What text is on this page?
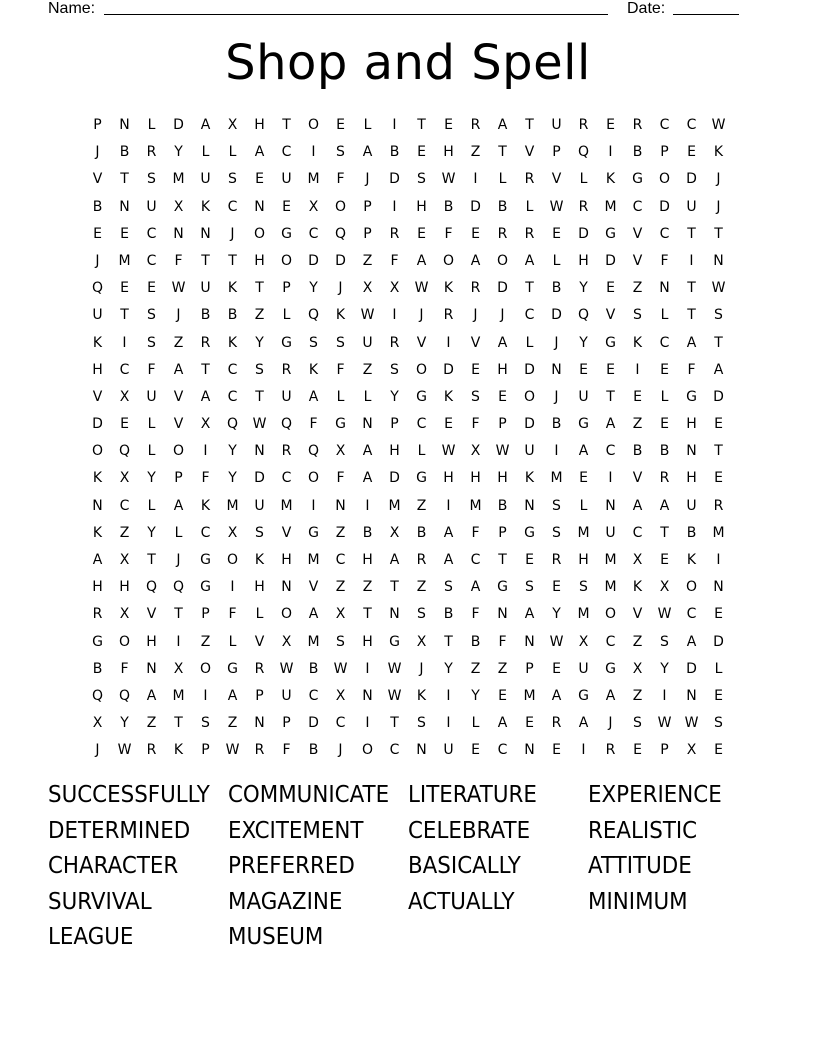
Name:	Date:
Shop and Spell
P	N	L	D	A	X	H	T	O	E	L	I	T	E	R	A	T	U	R	E	R	C	C	W
J	B	R	Y	L	L	A	C	I	S	A	B	E	H	Z	T	V	P	Q	I	B	P	E	K
V	T	S	M	U	S	E	U	M	F	J	D	S	W	I	L	R	V	L	K	G	O	D	J
B	N	U	X	K	C	N	E	X	O	P	I	H	B	D	B	L	W	R	M	C	D	U	J
E	E	C	N	N	J	O	G	C	Q	P	R	E	F	E	R	R	E	D	G	V	C	T	T
J	M	C	F	T	T	H	O	D	D	Z	F	A	O	A	O	A	L	H	D	V	F	I	N
Q	E	E	W	U	K	T	P	Y	J	X	X	W	K	R	D	T	B	Y	E	Z	N	T	W
U	T	S	J	B	B	Z	L	Q	K	W	I	J	R	J	J	C	D	Q	V	S	L	T	S
K	I	S	Z	R	K	Y	G	S	S	U	R	V	I	V	A	L	J	Y	G	K	C	A	T
H	C	F	A	T	C	S	R	K	F	Z	S	O	D	E	H	D	N	E	E	I	E	F	A
V	X	U	V	A	C	T	U	A	L	L	Y	G	K	S	E	O	J	U	T	E	L	G	D
D	E	L	V	X	Q	W	Q	F	G	N	P	C	E	F	P	D	B	G	A	Z	E	H	E
O	Q	L	O	I	Y	N	R	Q	X	A	H	L	W	X	W	U	I	A	C	B	B	N	T
K	X	Y	P	F	Y	D	C	O	F	A	D	G	H	H	H	K	M	E	I	V	R	H	E
N	C	L	A	K	M	U	M	I	N	I	M	Z	I	M	B	N	S	L	N	A	A	U	R
K	Z	Y	L	C	X	S	V	G	Z	B	X	B	A	F	P	G	S	M	U	C	T	B	M
A	X	T	J	G	O	K	H	M	C	H	A	R	A	C	T	E	R	H	M	X	E	K	I
H	H	Q	Q	G	I	H	N	V	Z	Z	T	Z	S	A	G	S	E	S	M	K	X	O	N
R	X	V	T	P	F	L	O	A	X	T	N	S	B	F	N	A	Y	M	O	V	W	C	E
G	O	H	I	Z	L	V	X	M	S	H	G	X	T	B	F	N	W	X	C	Z	S	A	D
B	F	N	X	O	G	R	W	B	W	I	W	J	Y	Z	Z	P	E	U	G	X	Y	D	L
Q	Q	A	M	I	A	P	U	C	X	N	W	K	I	Y	E	M	A	G	A	Z	I	N	E
X	Y	Z	T	S	Z	N	P	D	C	I	T	S	I	L	A	E	R	A	J	S	W W	S
J	W	R	K	P	W	R	F	B	J	O	C	N	U	E	C	N	E	I	R	E	P	X	E
SUCCESSFULLY COMMUNICATE LITERATURE	EXPERIENCE
DETERMINED	EXCITEMENT	CELEBRATE	REALISTIC
CHARACTER	PREFERRED	BASICALLY	ATTITUDE
SURVIVAL	MAGAZINE	ACTUALLY	MINIMUM
LEAGUE	MUSEUM
